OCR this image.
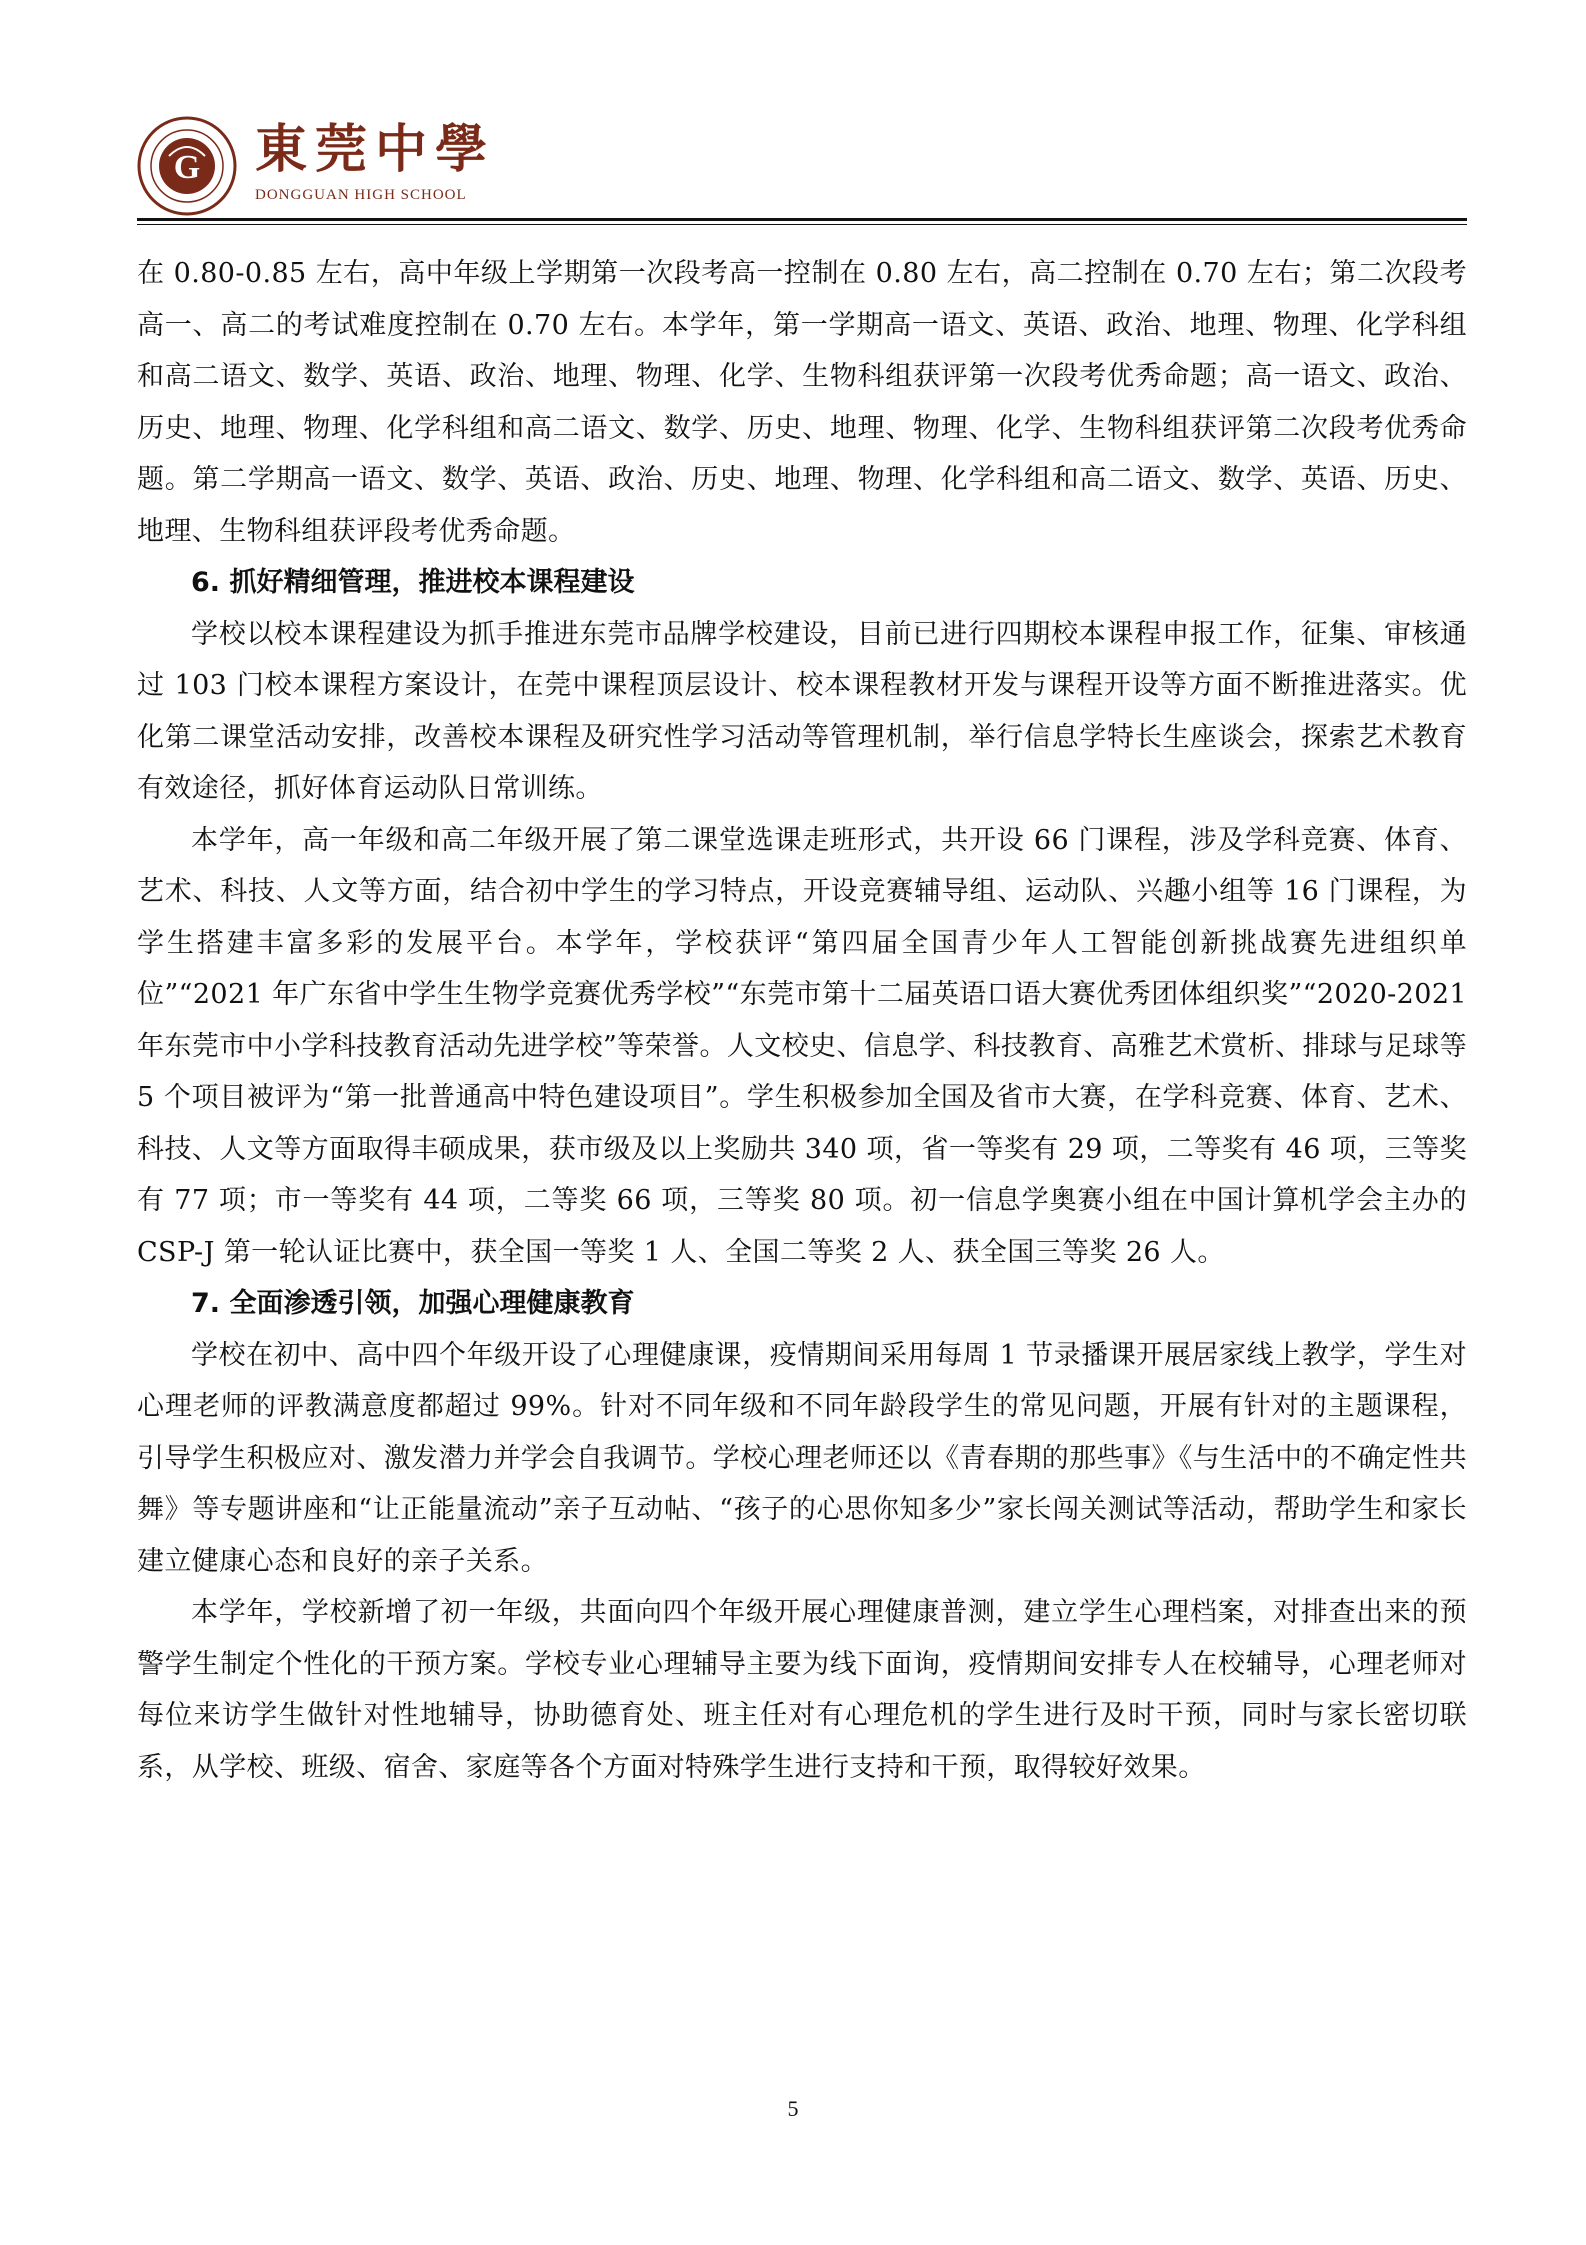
G 東莞中學
DONGGUAN HIGH SCHOOL

在 0.80-0.85 左右，高中年级上学期第一次段考高一控制在 0.80 左右，高二控制在 0.70 左右；第二次段考高一、高二的考试难度控制在 0.70 左右。本学年，第一学期高一语文、英语、政治、地理、物理、化学科组和高二语文、数学、英语、政治、地理、物理、化学、生物科组获评第一次段考优秀命题；高一语文、政治、历史、地理、物理、化学科组和高二语文、数学、历史、地理、物理、化学、生物科组获评第二次段考优秀命题。第二学期高一语文、数学、英语、政治、历史、地理、物理、化学科组和高二语文、数学、英语、历史、地理、生物科组获评段考优秀命题。

6. 抓好精细管理，推进校本课程建设

学校以校本课程建设为抓手推进东莞市品牌学校建设，目前已进行四期校本课程申报工作，征集、审核通过 103 门校本课程方案设计，在莞中课程顶层设计、校本课程教材开发与课程开设等方面不断推进落实。优化第二课堂活动安排，改善校本课程及研究性学习活动等管理机制，举行信息学特长生座谈会，探索艺术教育有效途径，抓好体育运动队日常训练。

本学年，高一年级和高二年级开展了第二课堂选课走班形式，共开设 66 门课程，涉及学科竞赛、体育、艺术、科技、人文等方面，结合初中学生的学习特点，开设竞赛辅导组、运动队、兴趣小组等 16 门课程，为学生搭建丰富多彩的发展平台。本学年，学校获评“第四届全国青少年人工智能创新挑战赛先进组织单位”“2021 年广东省中学生生物学竞赛优秀学校”“东莞市第十二届英语口语大赛优秀团体组织奖”“2020-2021 年东莞市中小学科技教育活动先进学校”等荣誉。人文校史、信息学、科技教育、高雅艺术赏析、排球与足球等 5 个项目被评为“第一批普通高中特色建设项目”。学生积极参加全国及省市大赛，在学科竞赛、体育、艺术、科技、人文等方面取得丰硕成果，获市级及以上奖励共 340 项，省一等奖有 29 项，二等奖有 46 项，三等奖有 77 项；市一等奖有 44 项，二等奖 66 项，三等奖 80 项。初一信息学奥赛小组在中国计算机学会主办的 CSP-J 第一轮认证比赛中，获全国一等奖 1 人、全国二等奖 2 人、获全国三等奖 26 人。

7. 全面渗透引领，加强心理健康教育

学校在初中、高中四个年级开设了心理健康课，疫情期间采用每周 1 节录播课开展居家线上教学，学生对心理老师的评教满意度都超过 99%。针对不同年级和不同年龄段学生的常见问题，开展有针对的主题课程，引导学生积极应对、激发潜力并学会自我调节。学校心理老师还以《青春期的那些事》《与生活中的不确定性共舞》等专题讲座和“让正能量流动”亲子互动帖、“孩子的心思你知多少”家长闯关测试等活动，帮助学生和家长建立健康心态和良好的亲子关系。

本学年，学校新增了初一年级，共面向四个年级开展心理健康普测，建立学生心理档案，对排查出来的预警学生制定个性化的干预方案。学校专业心理辅导主要为线下面询，疫情期间安排专人在校辅导，心理老师对每位来访学生做针对性地辅导，协助德育处、班主任对有心理危机的学生进行及时干预，同时与家长密切联系，从学校、班级、宿舍、家庭等各个方面对特殊学生进行支持和干预，取得较好效果。

5
